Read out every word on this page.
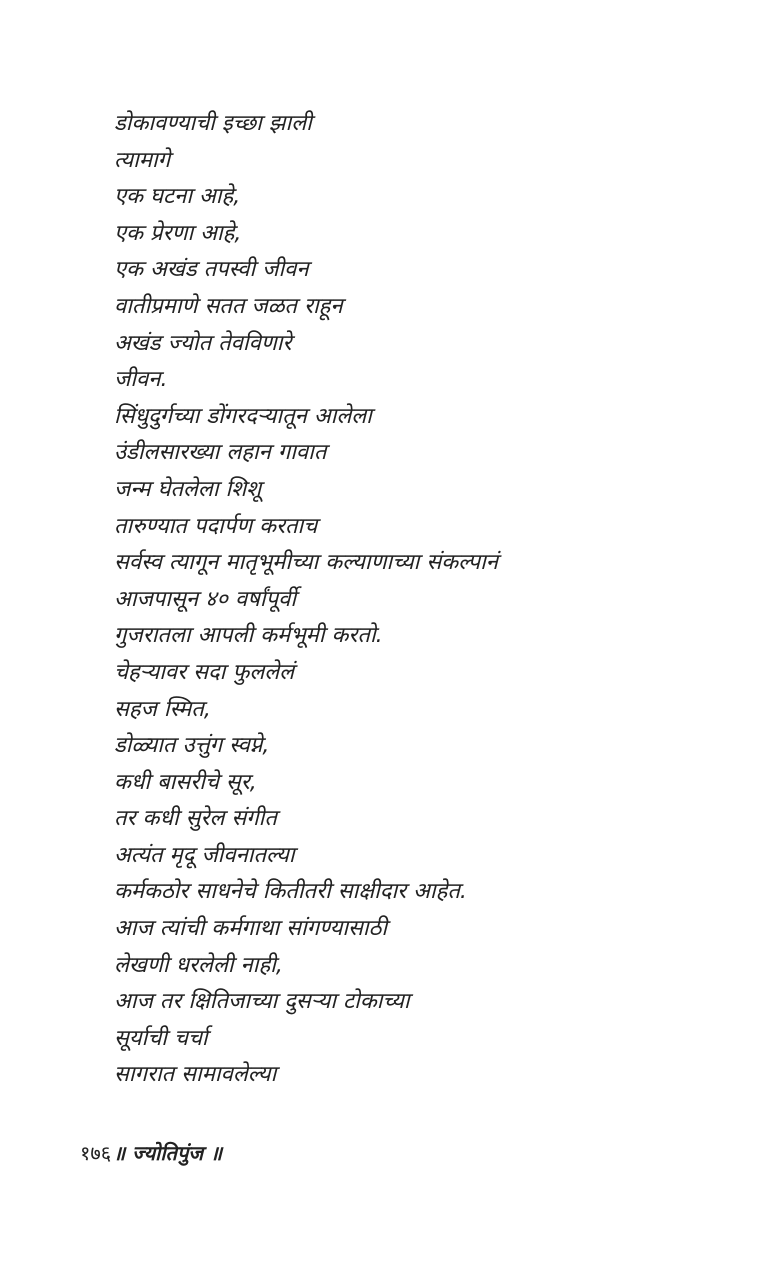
डोकावण्याची इच्छा झाली
त्यामागे
एक घटना आहे,
एक प्रेरणा आहे,
एक अखंड तपस्वी जीवन
वातीप्रमाणे सतत जळत राहून
अखंड ज्योत तेवविणारे
जीवन.
सिंधुदुर्गच्या डोंगरदऱ्यातून आलेला
उंडीलसारख्या लहान गावात
जन्म घेतलेला शिशू
तारुण्यात पदार्पण करताच
सर्वस्व त्यागून मातृभूमीच्या कल्याणाच्या संकल्पानं
आजपासून ४० वर्षांपूर्वी
गुजरातला आपली कर्मभूमी करतो.
चेहऱ्यावर सदा फुललेलं
सहज स्मित,
डोळ्यात उत्तुंग स्वप्ने,
कधी बासरीचे सूर,
तर कधी सुरेल संगीत
अत्यंत मृदू जीवनातल्या
कर्मकठोर साधनेचे कितीतरी साक्षीदार आहेत.
आज त्यांची कर्मगाथा सांगण्यासाठी
लेखणी धरलेली नाही,
आज तर क्षितिजाच्या दुसऱ्या टोकाच्या
सूर्याची चर्चा
सागरात सामावलेल्या
१७६ ॥ ज्योतिपुंज ॥
